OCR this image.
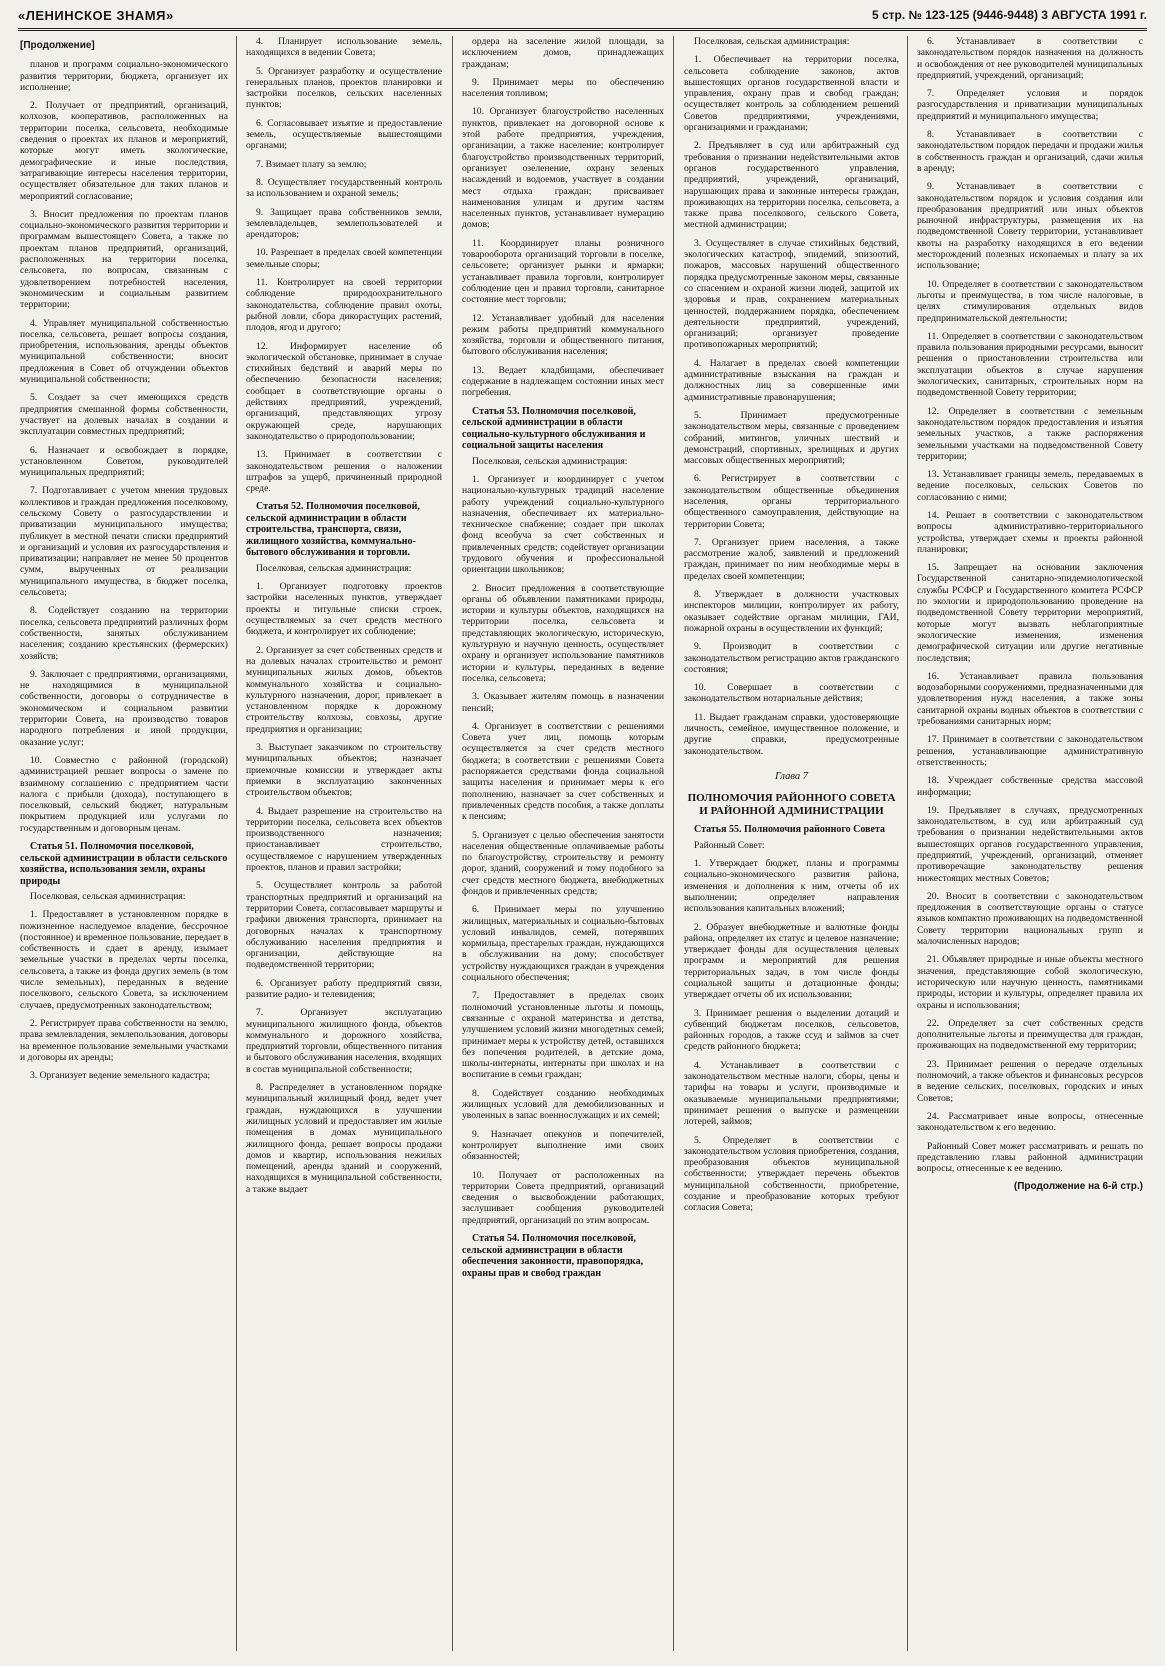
«ЛЕНИНСКОЕ ЗНАМЯ»	5 стр. № 123-125 (9446-9448) 3 АВГУСТА 1991 г.
[Продолжение]

планов и программ социально-экономического развития территории, бюджета, организует их исполнение;

2. Получает от предприятий, организаций, колхозов, кооперативов, расположенных на территории поселка, сельсовета, необходимые сведения о проектах их планов и мероприятий, которые могут иметь экологические, демографические и иные последствия, затрагивающие интересы населения территории, осуществляет обязательное для таких планов и мероприятий согласование;

3. Вносит предложения по проектам планов социально-экономического развития территории и программам вышестоящего Совета, а также по проектам планов предприятий, организаций, расположенных на территории поселка, сельсовета, по вопросам, связанным с удовлетворением потребностей населения, экономическим и социальным развитием территории;

4. Управляет муниципальной собственностью поселка, сельсовета, решает вопросы создания, приобретения, использования, аренды объектов муниципальной собственности; вносит предложения в Совет об отчуждении объектов муниципальной собственности;

5. Создает за счет имеющихся средств предприятия смешанной формы собственности, участвует на долевых началах в создании и эксплуатации совместных предприятий;

6. Назначает и освобождает в порядке, установленном Советом, руководителей муниципальных предприятий;

7. Подготавливает с учетом мнения трудовых коллективов и граждан предложения поселковому, сельскому Совету о разгосударствлении и приватизации муниципального имущества; публикует в местной печати списки предприятий и организаций и условия их разгосударствления и приватизации; направляет не менее 50 процентов сумм, вырученных от реализации муниципального имущества, в бюджет поселка, сельсовета;

8. Содействует созданию на территории поселка, сельсовета предприятий различных форм собственности, занятых обслуживанием населения; созданию крестьянских (фермерских) хозяйств;

9. Заключает с предприятиями, организациями, не находящимися в муниципальной собственности, договоры о сотрудничестве в экономическом и социальном развитии территории Совета, на производство товаров народного потребления и иной продукции, оказание услуг;

10. Совместно с районной (городской) администрацией решает вопросы о замене по взаимному соглашению с предприятием части налога с прибыли (дохода), поступающего в поселковый, сельский бюджет, натуральным покрытием продукцией или услугами по государственным и договорным ценам.

Статья 51. Полномочия поселковой, сельской администрации в области сельского хозяйства, использования земли, охраны природы

Поселковая, сельская администрация:

1. Предоставляет в установленном порядке в пожизненное наследуемое владение, бессрочное (постоянное) и временное пользование, передает в собственность и сдает в аренду, изымает земельные участки в пределах черты поселка, сельсовета, а также из фонда других земель (в том числе земельных), переданных в ведение поселкового, сельского Совета, за исключением случаев, предусмотренных законодательством;

2. Регистрирует права собственности на землю, права землевладения, землепользования, договоры на временное пользование земельными участками и договоры их аренды;

3. Организует ведение земельного кадастра;

4. Планирует использование земель, находящихся в ведении Совета;

5. Организует разработку и осуществление генеральных планов, проектов планировки и застройки поселков, сельских населенных пунктов;

6. Согласовывает изъятие и предоставление земель, осуществляемые вышестоящими органами;

7. Взимает плату за землю;

8. Осуществляет государственный контроль за использованием и охраной земель;

9. Защищает права собственников земли, землевладельцев, землепользователей и арендаторов;

10. Разрешает в пределах своей компетенции земельные споры;

11. Контролирует на своей территории соблюдение природоохранительного законодательства, соблюдение правил охоты, рыбной ловли, сбора дикорастущих растений, плодов, ягод и другого;

12. Информирует население об экологической обстановке, принимает в случае стихийных бедствий и аварий меры по обеспечению безопасности населения; сообщает в соответствующие органы о действиях предприятий, учреждений, организаций, представляющих угрозу окружающей среде, нарушающих законодательство о природопользовании;

13. Принимает в соответствии с законодательством решения о наложении штрафов за ущерб, причиненный природной среде.

Статья 52. Полномочия поселковой, сельской администрации в области строительства, транспорта, связи, жилищного хозяйства, коммунально-бытового обслуживания и торговли.

Поселковая, сельская администрация:

1. Организует подготовку проектов застройки населенных пунктов, утверждает проекты и титульные списки строек, осуществляемых за счет средств местного бюджета, и контролирует их соблюдение;

2. Организует за счет собственных средств и на долевых началах строительство и ремонт муниципальных жилых домов, объектов коммунального хозяйства и социально-культурного назначения, дорог, привлекает в установленном порядке к дорожному строительству колхозы, совхозы, другие предприятия и организации;

3. Выступает заказчиком по строительству муниципальных объектов; назначает приемочные комиссии и утверждает акты приемки в эксплуатацию законченных строительством объектов;

4. Выдает разрешение на строительство на территории поселка, сельсовета всех объектов производственного назначения; приостанавливает строительство, осуществляемое с нарушением утвержденных проектов, планов и правил застройки;

5. Осуществляет контроль за работой транспортных предприятий и организаций на территории Совета, согласовывает маршруты и графики движения транспорта, принимает на договорных началах к транспортному обслуживанию населения предприятия и организации, действующие на подведомственной территории;

6. Организует работу предприятий связи, развитие радио- и телевидения;

7. Организует эксплуатацию муниципального жилищного фонда, объектов коммунального и дорожного хозяйства, предприятий торговли, общественного питания и бытового обслуживания населения, входящих в состав муниципальной собственности;

8. Распределяет в установленном порядке муниципальный жилищный фонд, ведет учет граждан, нуждающихся в улучшении жилищных условий и предоставляет им жилые помещения в домах муниципального жилищного фонда, решает вопросы продажи домов и квартир, использования нежилых помещений, аренды зданий и сооружений, находящихся в муниципальной собственности, а также выдает

ордера на заселение жилой площади, за исключением домов, принадлежащих гражданам;

9. Принимает меры по обеспечению населения топливом;

10. Организует благоустройство населенных пунктов, привлекает на договорной основе к этой работе предприятия, учреждения, организации, а также население; контролирует благоустройство производственных территорий, организует озеленение, охрану зеленых насаждений и водоемов, участвует в создании мест отдыха граждан; присваивает наименования улицам и другим частям населенных пунктов, устанавливает нумерацию домов;

11. Координирует планы розничного товарооборота организаций торговли в поселке, сельсовете; организует рынки и ярмарки; устанавливает правила торговли, контролирует соблюдение цен и правил торговли, санитарное состояние мест торговли;

12. Устанавливает удобный для населения режим работы предприятий коммунального хозяйства, торговли и общественного питания, бытового обслуживания населения;

13. Ведает кладбищами, обеспечивает содержание в надлежащем состоянии иных мест погребения.

Статья 53. Полномочия поселковой, сельской администрации в области социально-культурного обслуживания и социальной защиты населения

Поселковая, сельская администрация:

1. Организует и координирует с учетом национально-культурных традиций население работу учреждений социально-культурного назначения, обеспечивает их материально-техническое снабжение; создает при школах фонд всеобуча за счет собственных и привлеченных средств; содействует организации трудового обучения и профессиональной ориентации школьников;

2. Вносит предложения в соответствующие органы об объявлении памятниками природы, истории и культуры объектов, находящихся на территории поселка, сельсовета и представляющих экологическую, историческую, культурную и научную ценность, осуществляет охрану и организует использование памятников истории и культуры, переданных в ведение поселка, сельсовета;

3. Оказывает жителям помощь в назначении пенсий;

4. Организует в соответствии с решениями Совета учет лиц, помощь которым осуществляется за счет средств местного бюджета; в соответствии с решениями Совета распоряжается средствами фонда социальной защиты населения и принимает меры к его пополнению, назначает за счет собственных и привлеченных средств пособия, а также доплаты к пенсиям;

5. Организует с целью обеспечения занятости населения общественные оплачиваемые работы по благоустройству, строительству и ремонту дорог, зданий, сооружений и тому подобного за счет средств местного бюджета, внебюджетных фондов и привлеченных средств;

6. Принимает меры по улучшению жилищных, материальных и социально-бытовых условий инвалидов, семей, потерявших кормильца, престарелых граждан, нуждающихся в обслуживании на дому; способствует устройству нуждающихся граждан в учреждения социального обеспечения;

7. Предоставляет в пределах своих полномочий установленные льготы и помощь, связанные с охраной материнства и детства, улучшением условий жизни многодетных семей; принимает меры к устройству детей, оставшихся без попечения родителей, в детские дома, школы-интернаты, интернаты при школах и на воспитание в семьи граждан;

8. Содействует созданию необходимых жилищных условий для демобилизованных и уволенных в запас военнослужащих и их семей;

9. Назначает опекунов и попечителей, контролирует выполнение ими своих обязанностей;

10. Получает от расположенных на территории Совета предприятий, организаций сведения о высвобождении работающих, заслушивает сообщения руководителей предприятий, организаций по этим вопросам.

Статья 54. Полномочия поселковой, сельской администрации в области обеспечения законности, правопорядка, охраны прав и свобод граждан

Поселковая, сельская администрация:

1. Обеспечивает на территории поселка, сельсовета соблюдение законов, актов вышестоящих органов государственной власти и управления, охрану прав и свобод граждан; осуществляет контроль за соблюдением решений Советов предприятиями, учреждениями, организациями и гражданами;

2. Предъявляет в суд или арбитражный суд требования о признании недействительными актов органов государственного управления, предприятий, учреждений, организаций, нарушающих права и законные интересы граждан, проживающих на территории поселка, сельсовета, а также права поселкового, сельского Совета, местной администрации;

3. Осуществляет в случае стихийных бедствий, экологических катастроф, эпидемий, эпизоотий, пожаров, массовых нарушений общественного порядка предусмотренные законом меры, связанные со спасением и охраной жизни людей, защитой их здоровья и прав, сохранением материальных ценностей, поддержанием порядка, обеспечением деятельности предприятий, учреждений, организаций; организует проведение противопожарных мероприятий;

4. Налагает в пределах своей компетенции административные взыскания на граждан и должностных лиц за совершенные ими административные правонарушения;

5. Принимает предусмотренные законодательством меры, связанные с проведением собраний, митингов, уличных шествий и демонстраций, спортивных, зрелищных и других массовых общественных мероприятий;

6. Регистрирует в соответствии с законодательством общественные объединения населения, органы территориального общественного самоуправления, действующие на территории Совета;

7. Организует прием населения, а также рассмотрение жалоб, заявлений и предложений граждан, принимает по ним необходимые меры в пределах своей компетенции;

8. Утверждает в должности участковых инспекторов милиции, контролирует их работу, оказывает содействие органам милиции, ГАИ, пожарной охраны в осуществлении их функций;

9. Производит в соответствии с законодательством регистрацию актов гражданского состояния;

10. Совершает в соответствии с законодательством нотариальные действия;

11. Выдает гражданам справки, удостоверяющие личность, семейное, имущественное положение, и другие справки, предусмотренные законодательством.

Глава 7
ПОЛНОМОЧИЯ РАЙОННОГО СОВЕТА И РАЙОННОЙ АДМИНИСТРАЦИИ
Статья 55. Полномочия районного Совета

Районный Совет:

1. Утверждает бюджет, планы и программы социально-экономического развития района, изменения и дополнения к ним, отчеты об их выполнении; определяет направления использования капитальных вложений;

2. Образует внебюджетные и валютные фонды района, определяет их статус и целевое назначение; утверждает фонды для осуществления целевых программ и мероприятий для решения территориальных задач, в том числе фонды социальной защиты и дотационные фонды; утверждает отчеты об их использовании;

3. Принимает решения о выделении дотаций и субвенций бюджетам поселков, сельсоветов, районных городов, а также ссуд и займов за счет средств районного бюджета;

4. Устанавливает в соответствии с законодательством местные налоги, сборы, цены и тарифы на товары и услуги, производимые и оказываемые муниципальными предприятиями; принимает решения о выпуске и размещении лотерей, займов;

5. Определяет в соответствии с законодательством условия приобретения, создания, преобразования объектов муниципальной собственности; утверждает перечень объектов муниципальной собственности, приобретение, создание и преобразование которых требуют согласия Совета;

6. Устанавливает в соответствии с законодательством порядок назначения на должность и освобождения от нее руководителей муниципальных предприятий, учреждений, организаций;

7. Определяет условия и порядок разгосударствления и приватизации муниципальных предприятий и муниципального имущества;

8. Устанавливает в соответствии с законодательством порядок передачи и продажи жилья в собственность граждан и организаций, сдачи жилья в аренду;

9. Устанавливает в соответствии с законодательством порядок и условия создания или преобразования предприятий или иных объектов рыночной инфраструктуры, размещения их на подведомственной Совету территории, устанавливает квоты на разработку находящихся в его ведении месторождений полезных ископаемых и плату за их использование;

10. Определяет в соответствии с законодательством льготы и преимущества, в том числе налоговые, в целях стимулирования отдельных видов предпринимательской деятельности;

11. Определяет в соответствии с законодательством правила пользования природными ресурсами, выносит решения о приостановлении строительства или эксплуатации объектов в случае нарушения экологических, санитарных, строительных норм на подведомственной Совету территории;

12. Определяет в соответствии с земельным законодательством порядок предоставления и изъятия земельных участков, а также распоряжения земельными участками на подведомственной Совету территории;

13. Устанавливает границы земель, передаваемых в ведение поселковых, сельских Советов по согласованию с ними;

14. Решает в соответствии с законодательством вопросы административно-территориального устройства, утверждает схемы и проекты районной планировки;

15. Запрещает на основании заключения Государственной санитарно-эпидемиологической службы РСФСР и Государственного комитета РСФСР по экологии и природопользованию проведение на подведомственной Совету территории мероприятий, которые могут вызвать неблагоприятные экологические изменения, изменения демографической ситуации или другие негативные последствия;

16. Устанавливает правила пользования водозаборными сооружениями, предназначенными для удовлетворения нужд населения, а также зоны санитарной охраны водных объектов в соответствии с требованиями санитарных норм;

17. Принимает в соответствии с законодательством решения, устанавливающие административную ответственность;

18. Учреждает собственные средства массовой информации;

19. Предъявляет в случаях, предусмотренных законодательством, в суд или арбитражный суд требования о признании недействительными актов вышестоящих органов государственного управления, предприятий, учреждений, организаций, отменяет противоречащие законодательству решения нижестоящих местных Советов;

20. Вносит в соответствии с законодательством предложения в соответствующие органы о статусе языков компактно проживающих на подведомственной Совету территории национальных групп и малочисленных народов;

21. Объявляет природные и иные объекты местного значения, представляющие собой экологическую, историческую или научную ценность, памятниками природы, истории и культуры, определяет правила их охраны и использования;

22. Определяет за счет собственных средств дополнительные льготы и преимущества для граждан, проживающих на подведомственной ему территории;

23. Принимает решения о передаче отдельных полномочий, а также объектов и финансовых ресурсов в ведение сельских, поселковых, городских и иных Советов;

24. Рассматривает иные вопросы, отнесенные законодательством к его ведению.

Районный Совет может рассматривать и решать по представлению главы районной администрации вопросы, отнесенные к ее ведению.

(Продолжение на 6-й стр.)
